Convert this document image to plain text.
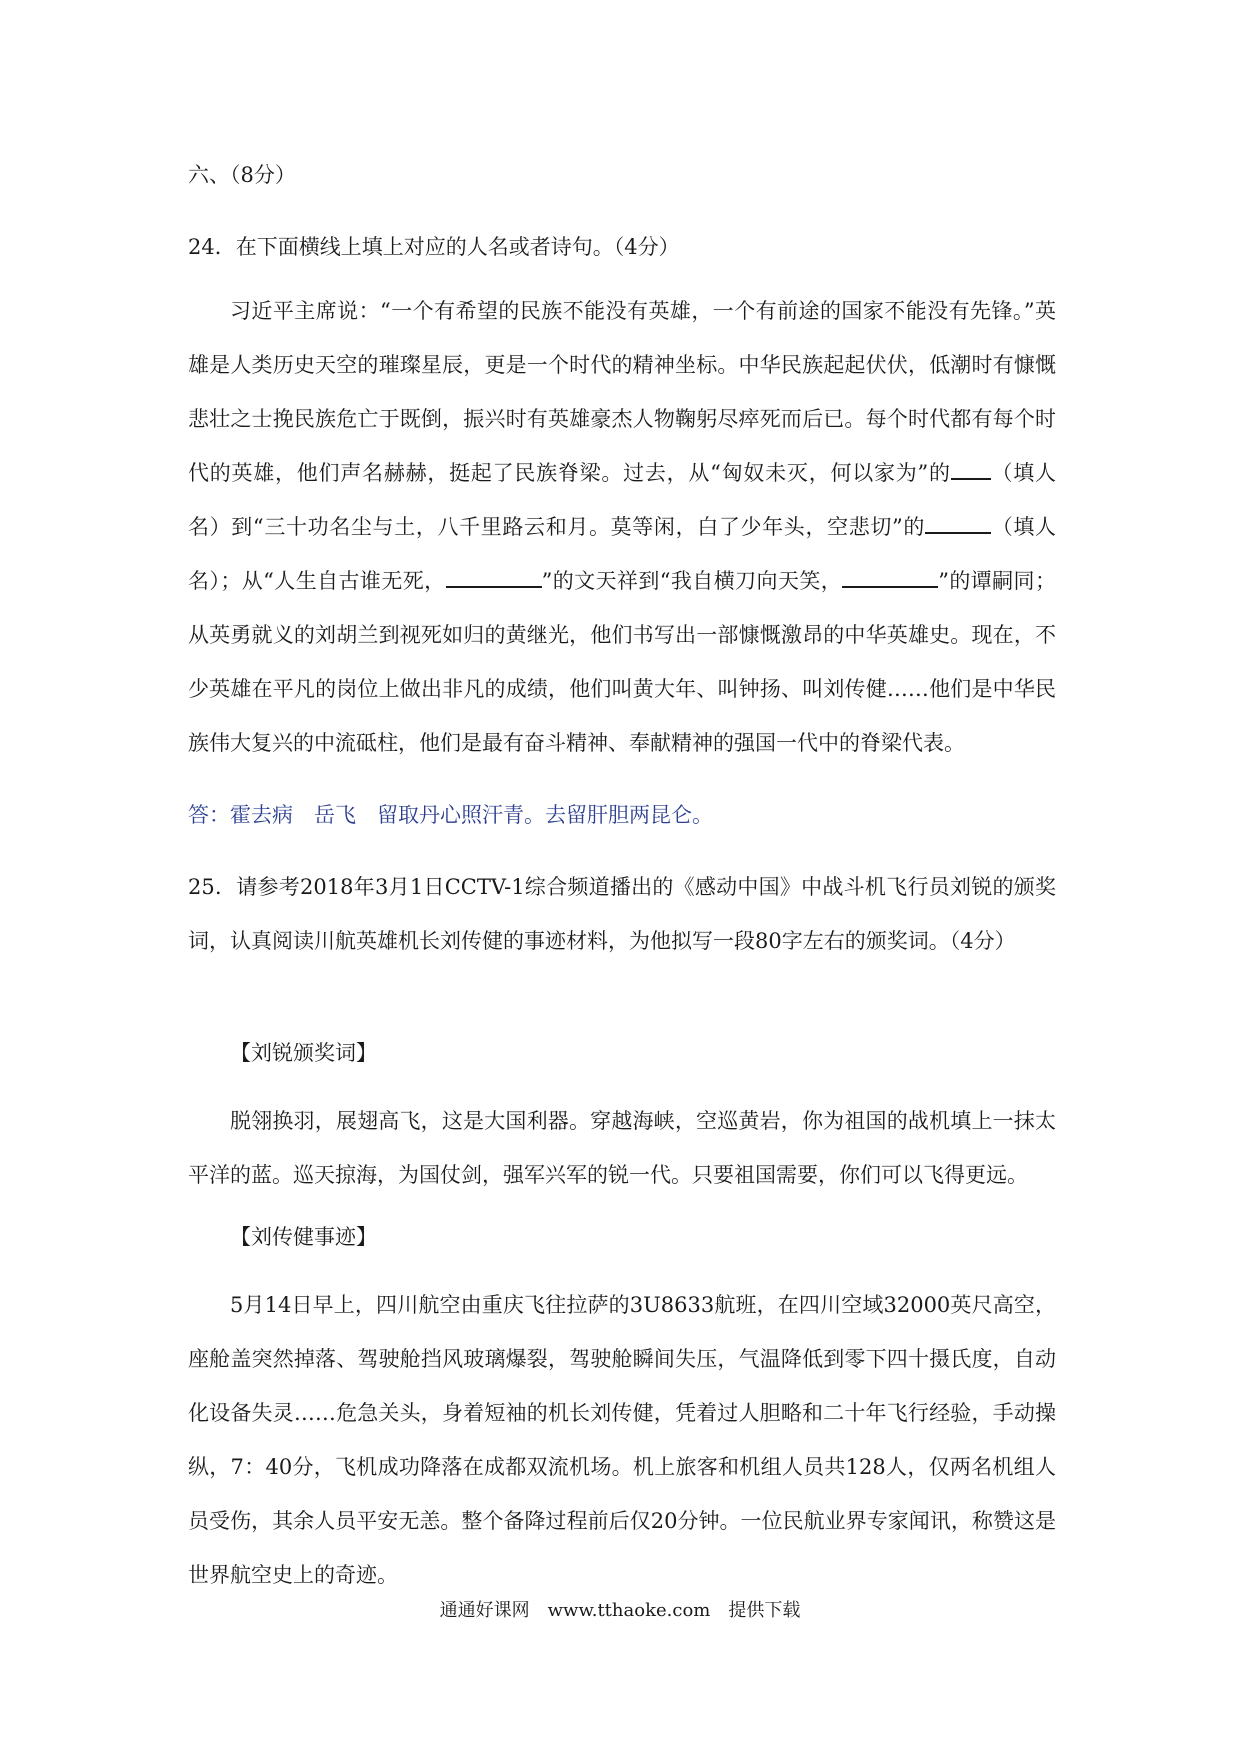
六、（8分）
24．在下面横线上填上对应的人名或者诗句。（4分）

习近平主席说：“一个有希望的民族不能没有英雄，一个有前途的国家不能没有先锋。”英雄是人类历史天空的璀璨星辰，更是一个时代的精神坐标。中华民族起起伏伏，低潮时有慷慨悲壮之士挽民族危亡于既倒，振兴时有英雄豪杰人物鞠躬尽瘁死而后已。每个时代都有每个时代的英雄，他们声名赫赫，挺起了民族脊梁。过去，从“匈奴未灭，何以家为”的 （填人名）到“三十功名尘与土，八千里路云和月。莫等闲，白了少年头，空悲切”的	（填人名）；从“人生自古谁无死，	”的文天祥到“我自横刀向天笑，	”的谭嗣同；从英勇就义的刘胡兰到视死如归的黄继光，他们书写出一部慷慨激昂的中华英雄史。现在，不少英雄在平凡的岗位上做出非凡的成绩，他们叫黄大年、叫钟扬、叫刘传健……他们是中华民族伟大复兴的中流砥柱，他们是最有奋斗精神、奉献精神的强国一代中的脊梁代表。

答：霍去病　岳飞　留取丹心照汗青。去留肝胆两昆仑。

25．请参考2018年3月1日CCTV-1综合频道播出的《感动中国》中战斗机飞行员刘锐的颁奖词，认真阅读川航英雄机长刘传健的事迹材料，为他拟写一段80字左右的颁奖词。（4分）

【刘锐颁奖词】

脱翎换羽，展翅高飞，这是大国利器。穿越海峡，空巡黄岩，你为祖国的战机填上一抹太平洋的蓝。巡天掠海，为国仗剑，强军兴军的锐一代。只要祖国需要，你们可以飞得更远。

【刘传健事迹】

5月14日早上，四川航空由重庆飞往拉萨的3U8633航班，在四川空域32000英尺高空，座舱盖突然掉落、驾驶舱挡风玻璃爆裂，驾驶舱瞬间失压，气温降低到零下四十摄氏度，自动化设备失灵……危急关头，身着短袖的机长刘传健，凭着过人胆略和二十年飞行经验，手动操纵，7：40分，飞机成功降落在成都双流机场。机上旅客和机组人员共128人，仅两名机组人员受伤，其余人员平安无恙。整个备降过程前后仅20分钟。一位民航业界专家闻讯，称赞这是世界航空史上的奇迹。

通通好课网　www.tthaoke.com　提供下载
